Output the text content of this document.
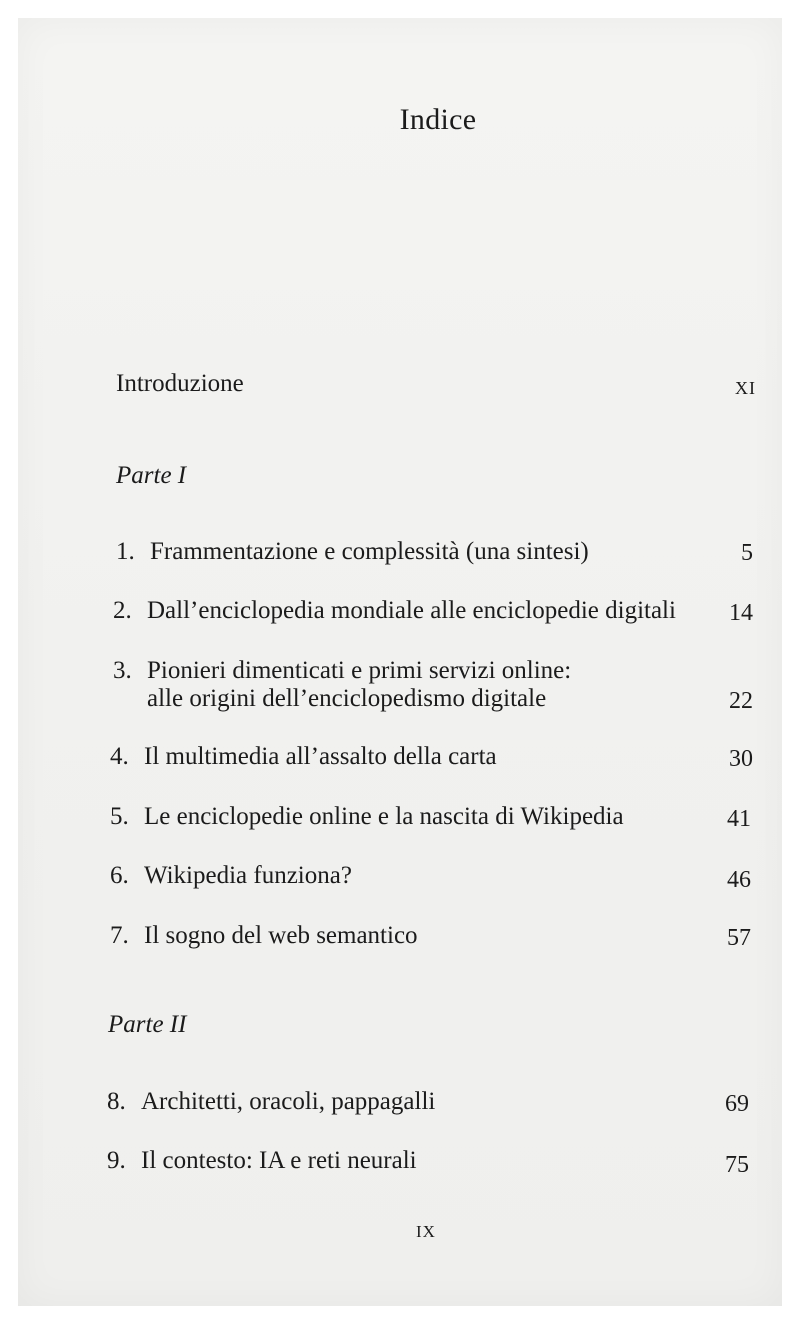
Indice
Introduzione	XI
Parte I
1. Frammentazione e complessità (una sintesi)	5
2. Dall’enciclopedia mondiale alle enciclopedie digitali	14
3. Pionieri dimenticati e primi servizi online:
alle origini dell’enciclopedismo digitale	22
4. Il multimedia all’assalto della carta	30
5. Le enciclopedie online e la nascita di Wikipedia	41
6. Wikipedia funziona?	46
7. Il sogno del web semantico	57
Parte II
8. Architetti, oracoli, pappagalli	69
9. Il contesto: IA e reti neurali	75
IX
